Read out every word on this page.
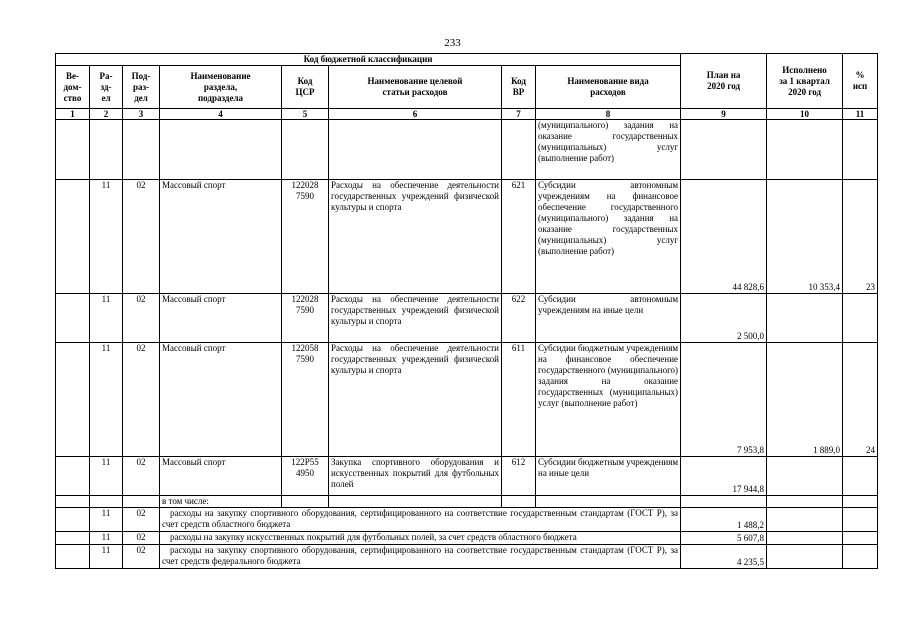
233
Код бюджетной классификации								План на
2020 год	Исполнено
за 1 квартал
2020 год	%
исп
Ве-
дом-
ство	Ра-
зд-
ел	Под-
раз-
дел	Наименование
раздела,
подраздела	Код
ЦСР	Наименование целевой
статьи расходов	Код
ВР	Наименование вида
расходов			
1	2	3	4	5	6	7	8	9	10	11
							(муниципального) задания на оказание государственных (муниципальных) услуг (выполнение работ)			
	11	02	Массовый спорт	122028
7590	Расходы на обеспечение деятельности государственных учреждений физической культуры и спорта	621	Субсидии автономным учреждениям на финансовое обеспечение государственного (муниципального) задания на оказание государственных (муниципальных) услуг (выполнение работ)	44 828,6	10 353,4	23
	11	02	Массовый спорт	122028
7590	Расходы на обеспечение деятельности государственных учреждений физической культуры и спорта	622	Субсидии автономным учреждениям на иные цели	2 500,0		
	11	02	Массовый спорт	122058
7590	Расходы на обеспечение деятельности государственных учреждений физической культуры и спорта	611	Субсидии бюджетным учреждениям на финансовое обеспечение государственного (муниципального) задания на оказание государственных (муниципальных) услуг (выполнение работ)	7 953,8	1 889,0	24
	11	02	Массовый спорт	122P55
4950	Закупка спортивного оборудования и искусственных покрытий для футбольных полей	612	Субсидии бюджетным учреждениям на иные цели	17 944,8		
			в том числе:							
	11	02	расходы на закупку спортивного оборудования, сертифицированного на соответствие государственным стандартам (ГОСТ Р), за счет средств областного бюджета					1 488,2		
	11	02	расходы на закупку искусственных покрытий для футбольных полей, за счет средств областного бюджета					5 607,8		
	11	02	расходы на закупку спортивного оборудования, сертифицированного на соответствие государственным стандартам (ГОСТ Р), за счет средств федерального бюджета					4 235,5		
